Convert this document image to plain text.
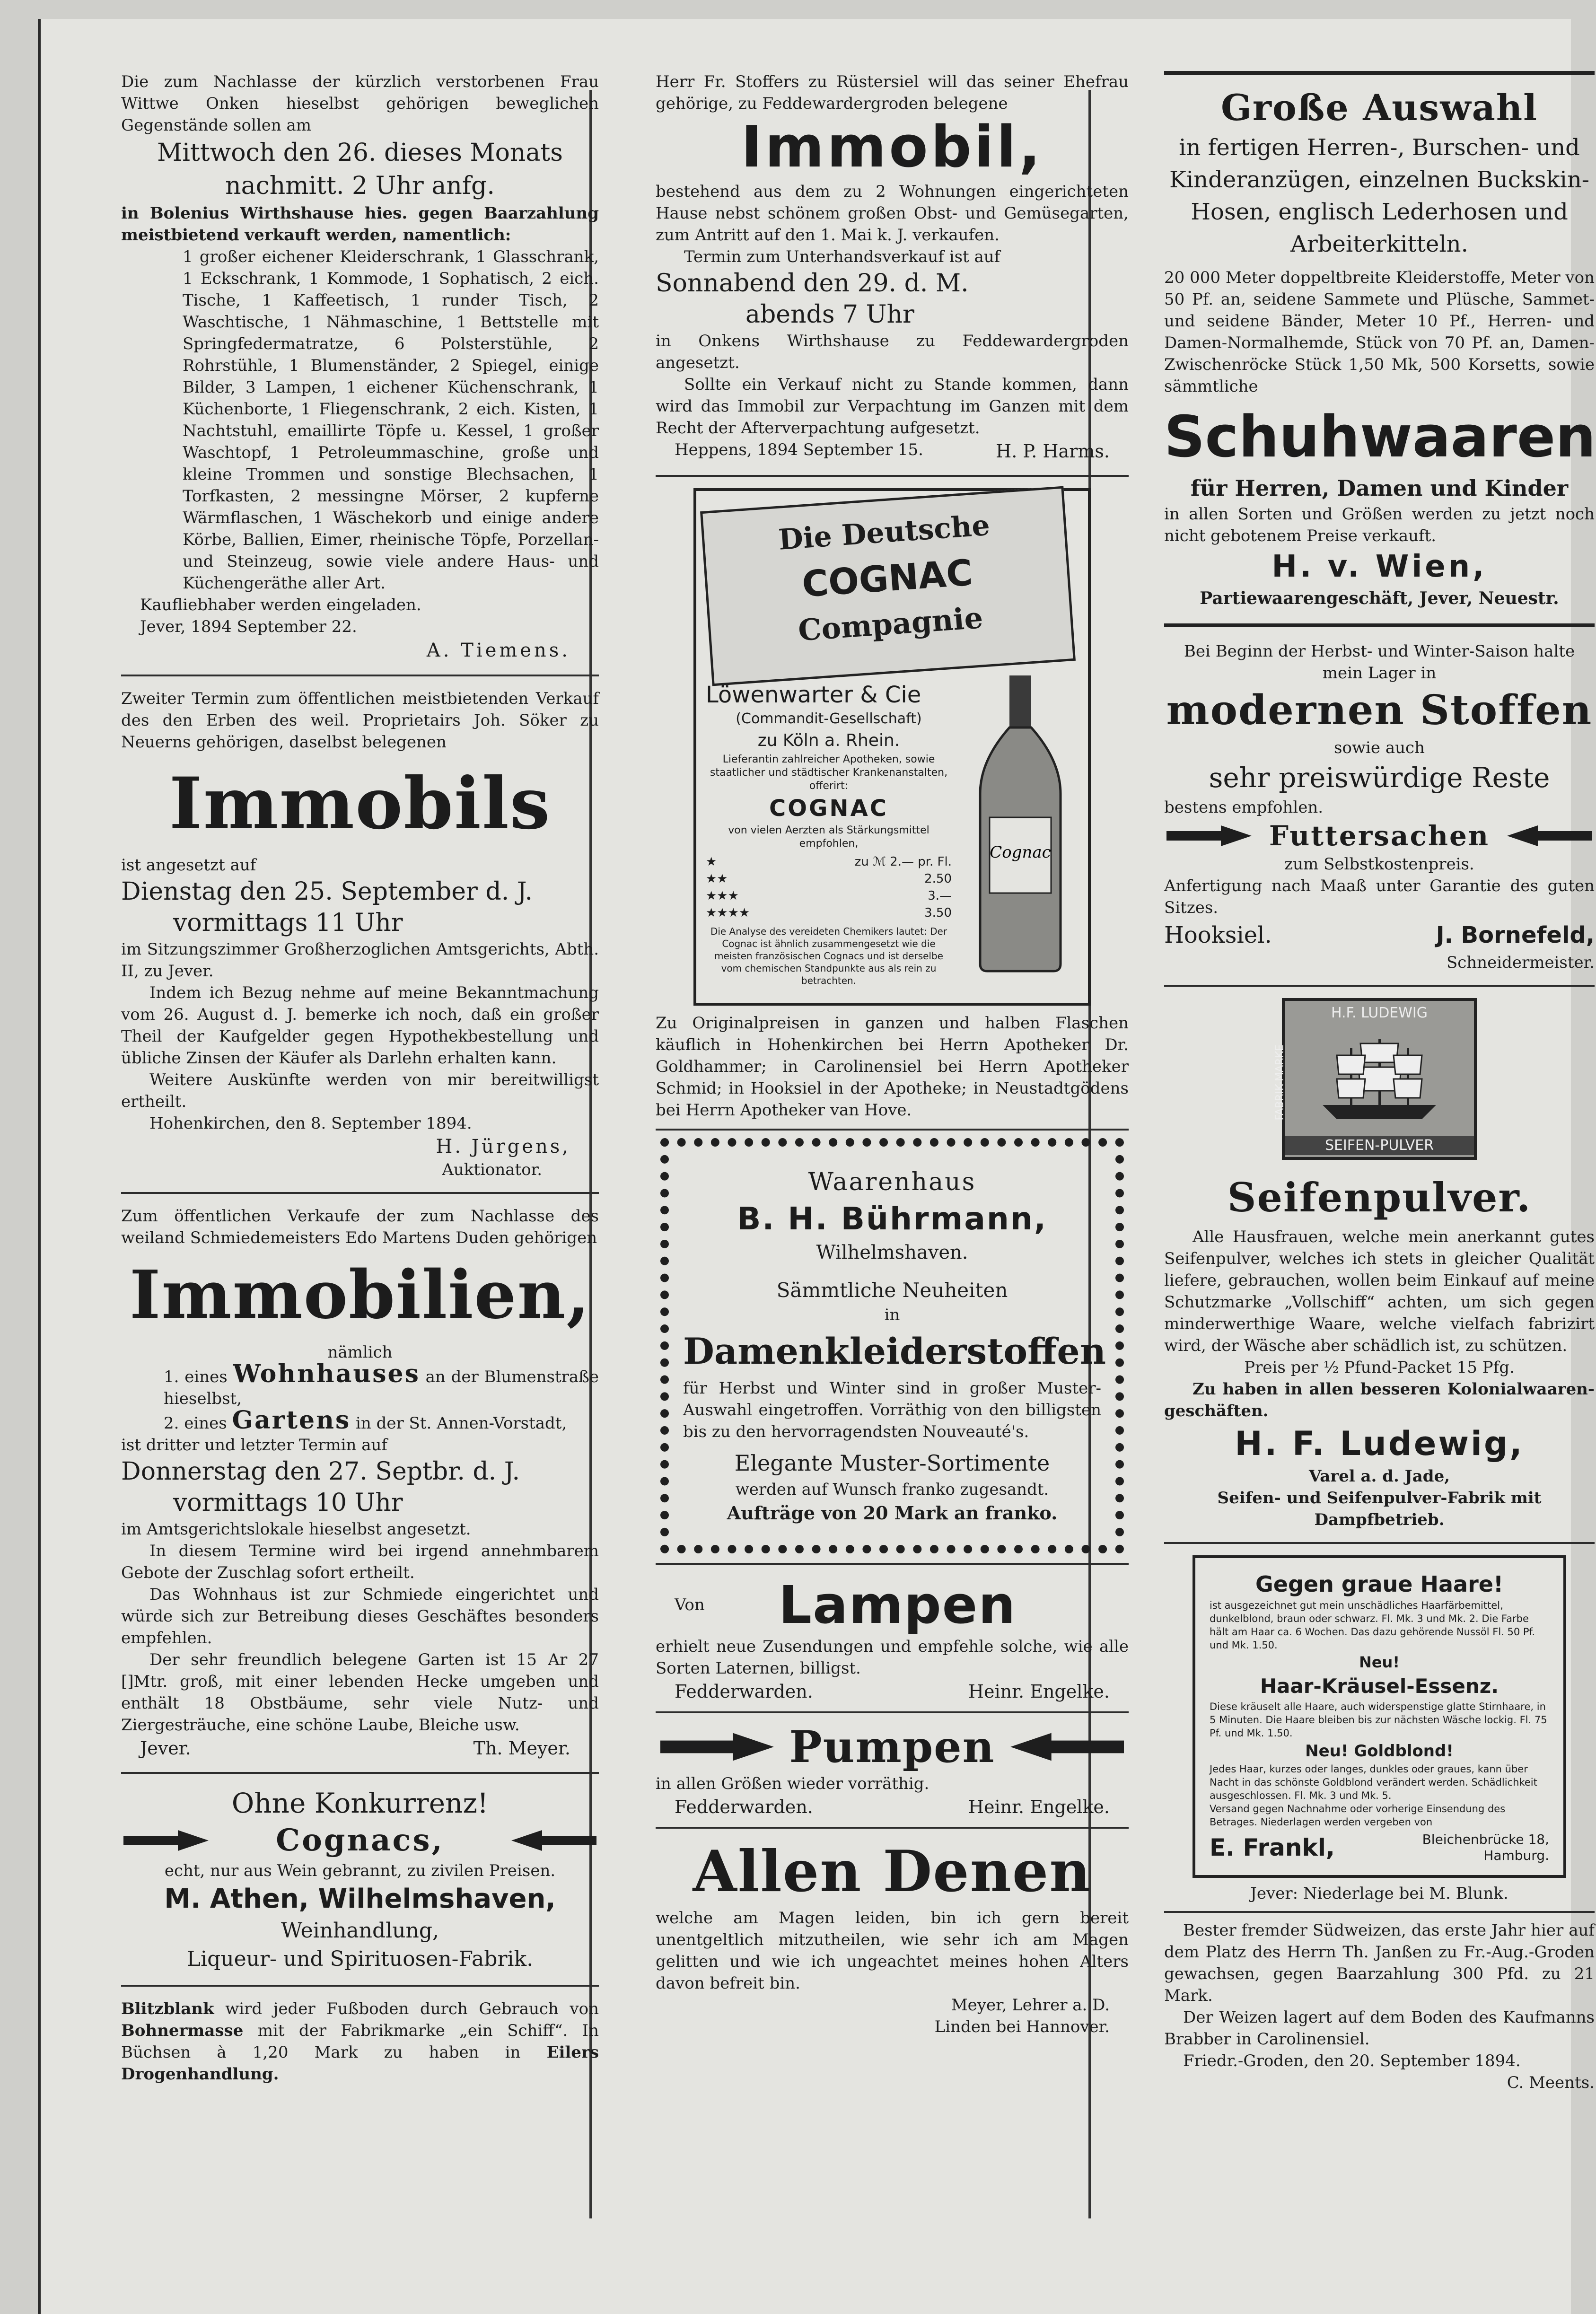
Die zum Nachlasse der kürzlich verstorbenen Frau Wittwe Onken hieselbst gehörigen beweglichen Gegenstände sollen am

Mittwoch den 26. dieses Monats

nachmitt. 2 Uhr anfg.

in Bolenius Wirthshause hies. gegen Baarzahlung meistbietend verkauft werden, namentlich:

1 großer eichener Kleiderschrank, 1 Glasschrank, 1 Eckschrank, 1 Kommode, 1 Sophatisch, 2 eich. Tische, 1 Kaffeetisch, 1 runder Tisch, 2 Waschtische, 1 Nähmaschine, 1 Bettstelle mit Springfedermatratze, 6 Polsterstühle, 2 Rohrstühle, 1 Blumenständer, 2 Spiegel, einige Bilder, 3 Lampen, 1 eichener Küchenschrank, 1 Küchenborte, 1 Fliegenschrank, 2 eich. Kisten, 1 Nachtstuhl, emaillirte Töpfe u. Kessel, 1 großer Waschtopf, 1 Petroleummaschine, große und kleine Trommen und sonstige Blechsachen, 1 Torfkasten, 2 messingne Mörser, 2 kupferne Wärmflaschen, 1 Wäschekorb und einige andere Körbe, Ballien, Eimer, rheinische Töpfe, Porzellan- und Steinzeug, sowie viele andere Haus- und Küchengeräthe aller Art.

Kaufliebhaber werden eingeladen.

Jever, 1894 September 22.

A. Tiemens.

Zweiter Termin zum öffentlichen meistbietenden Verkauf des den Erben des weil. Proprietairs Joh. Söker zu Neuerns gehörigen, daselbst belegenen

Immobils

ist angesetzt auf

Dienstag den 25. September d. J.

vormittags 11 Uhr

im Sitzungszimmer Großherzoglichen Amtsgerichts, Abth. II, zu Jever.

Indem ich Bezug nehme auf meine Bekanntmachung vom 26. August d. J. bemerke ich noch, daß ein großer Theil der Kaufgelder gegen Hypothekbestellung und übliche Zinsen der Käufer als Darlehn erhalten kann.

Weitere Auskünfte werden von mir bereitwilligst ertheilt.

Hohenkirchen, den 8. September 1894.

H. Jürgens,

Auktionator.

Zum öffentlichen Verkaufe der zum Nachlasse des weiland Schmiedemeisters Edo Martens Duden gehörigen

Immobilien,

nämlich

1. eines Wohnhauses an der Blumenstraße hieselbst,

2. eines Gartens in der St. Annen-Vorstadt,

ist dritter und letzter Termin auf

Donnerstag den 27. Septbr. d. J.

vormittags 10 Uhr

im Amtsgerichtslokale hieselbst angesetzt.

In diesem Termine wird bei irgend annehmbarem Gebote der Zuschlag sofort ertheilt.

Das Wohnhaus ist zur Schmiede eingerichtet und würde sich zur Betreibung dieses Geschäftes besonders empfehlen.

Der sehr freundlich belegene Garten ist 15 Ar 27 []Mtr. groß, mit einer lebenden Hecke umgeben und enthält 18 Obstbäume, sehr viele Nutz- und Ziergesträuche, eine schöne Laube, Bleiche usw.

Jever.	Th. Meyer.

Ohne Konkurrenz!

Cognacs,

echt, nur aus Wein gebrannt, zu zivilen Preisen.

M. Athen, Wilhelmshaven,

Weinhandlung,

Liqueur- und Spirituosen-Fabrik.

Blitzblank wird jeder Fußboden durch Gebrauch von Bohnermasse mit der Fabrikmarke „ein Schiff“. In Büchsen à 1,20 Mark zu haben in Eilers Drogenhandlung.

Herr Fr. Stoffers zu Rüstersiel will das seiner Ehefrau gehörige, zu Feddewardergroden belegene

Immobil,

bestehend aus dem zu 2 Wohnungen eingerichteten Hause nebst schönem großen Obst- und Gemüsegarten, zum Antritt auf den 1. Mai k. J. verkaufen.

Termin zum Unterhandsverkauf ist auf

Sonnabend den 29. d. M.

abends 7 Uhr

in Onkens Wirthshause zu Feddewardergroden angesetzt.

Sollte ein Verkauf nicht zu Stande kommen, dann wird das Immobil zur Verpachtung im Ganzen mit dem Recht der Afterverpachtung aufgesetzt.

Heppens, 1894 September 15.	H. P. Harms.

Die Deutsche

COGNAC

Compagnie

Löwenwarter & Cie

(Commandit-Gesellschaft)

zu Köln a. Rhein.

Lieferantin zahlreicher Apotheken, sowie staatlicher und städtischer Krankenanstalten, offerirt:

COGNAC

von vielen Aerzten als Stärkungsmittel empfohlen,

★	zu ℳ 2.— pr. Fl.
★★	2.50
★★★	3.—
★★★★	3.50

Die Analyse des vereideten Chemikers lautet: Der Cognac ist ähnlich zusammengesetzt wie die meisten französischen Cognacs und ist derselbe vom chemischen Standpunkte aus als rein zu betrachten.

Cognac

Zu Originalpreisen in ganzen und halben Flaschen käuflich in Hohenkirchen bei Herrn Apotheker Dr. Goldhammer; in Carolinensiel bei Herrn Apotheker Schmid; in Hooksiel in der Apotheke; in Neustadtgödens bei Herrn Apotheker van Hove.

Waarenhaus

B. H. Bührmann,

Wilhelmshaven.

Sämmtliche Neuheiten

in

Damenkleiderstoffen

für Herbst und Winter sind in großer Muster-Auswahl eingetroffen. Vorräthig von den billigsten bis zu den hervorragendsten Nouveauté's.

Elegante Muster-Sortimente

werden auf Wunsch franko zugesandt.

Aufträge von 20 Mark an franko.

Von	Lampen

erhielt neue Zusendungen und empfehle solche, wie alle Sorten Laternen, billigst.

Fedderwarden.	Heinr. Engelke.
Pumpen

in allen Größen wieder vorräthig.

Fedderwarden.	Heinr. Engelke.

Allen Denen

welche am Magen leiden, bin ich gern bereit unentgeltlich mitzutheilen, wie sehr ich am Magen gelitten und wie ich ungeachtet meines hohen Alters davon befreit bin.

Meyer, Lehrer a. D.

Linden bei Hannover.

Große Auswahl

in fertigen Herren-, Burschen- und Kinderanzügen, einzelnen Buckskin-Hosen, englisch Lederhosen und Arbeiterkitteln.

20 000 Meter doppeltbreite Kleiderstoffe, Meter von 50 Pf. an, seidene Sammete und Plüsche, Sammet- und seidene Bänder, Meter 10 Pf., Herren- und Damen-Normalhemde, Stück von 70 Pf. an, Damen-Zwischenröcke Stück 1,50 Mk, 500 Korsetts, sowie sämmtliche

Schuhwaaren

für Herren, Damen und Kinder

in allen Sorten und Größen werden zu jetzt noch nicht gebotenem Preise verkauft.

H. v. Wien,

Partiewaarengeschäft, Jever, Neuestr.

Bei Beginn der Herbst- und Winter-Saison halte mein Lager in

modernen Stoffen

sowie auch

sehr preiswürdige Reste

bestens empfohlen.

Futtersachen

zum Selbstkostenpreis.

Anfertigung nach Maaß unter Garantie des guten Sitzes.

Hooksiel.	J. Bornefeld,

Schneidermeister.

H.F. LUDEWIG

SEIFEN-PULVER

FABRIK-MARKE

Seifenpulver.

Alle Hausfrauen, welche mein anerkannt gutes Seifenpulver, welches ich stets in gleicher Qualität liefere, gebrauchen, wollen beim Einkauf auf meine Schutzmarke „Vollschiff“ achten, um sich gegen minderwerthige Waare, welche vielfach fabrizirt wird, der Wäsche aber schädlich ist, zu schützen.

Preis per ½ Pfund-Packet 15 Pfg.

Zu haben in allen besseren Kolonialwaaren-geschäften.

H. F. Ludewig,

Varel a. d. Jade,

Seifen- und Seifenpulver-Fabrik mit Dampfbetrieb.

Gegen graue Haare!

ist ausgezeichnet gut mein unschädliches Haarfärbemittel, dunkelblond, braun oder schwarz. Fl. Mk. 3 und Mk. 2. Die Farbe hält am Haar ca. 6 Wochen. Das dazu gehörende Nussöl Fl. 50 Pf. und Mk. 1.50.

Neu!

Haar-Kräusel-Essenz.

Diese kräuselt alle Haare, auch widerspenstige glatte Stirnhaare, in 5 Minuten. Die Haare bleiben bis zur nächsten Wäsche lockig. Fl. 75 Pf. und Mk. 1.50.

Neu! Goldblond!

Jedes Haar, kurzes oder langes, dunkles oder graues, kann über Nacht in das schönste Goldblond verändert werden. Schädlichkeit ausgeschlossen. Fl. Mk. 3 und Mk. 5.

Versand gegen Nachnahme oder vorherige Einsendung des Betrages. Niederlagen werden vergeben von

E. Frankl,	Bleichenbrücke 18, Hamburg.

Jever: Niederlage bei M. Blunk.

Bester fremder Südweizen, das erste Jahr hier auf dem Platz des Herrn Th. Janßen zu Fr.-Aug.-Groden gewachsen, gegen Baarzahlung 300 Pfd. zu 21 Mark.

Der Weizen lagert auf dem Boden des Kaufmanns Brabber in Carolinensiel.

Friedr.-Groden, den 20. September 1894.

C. Meents.
